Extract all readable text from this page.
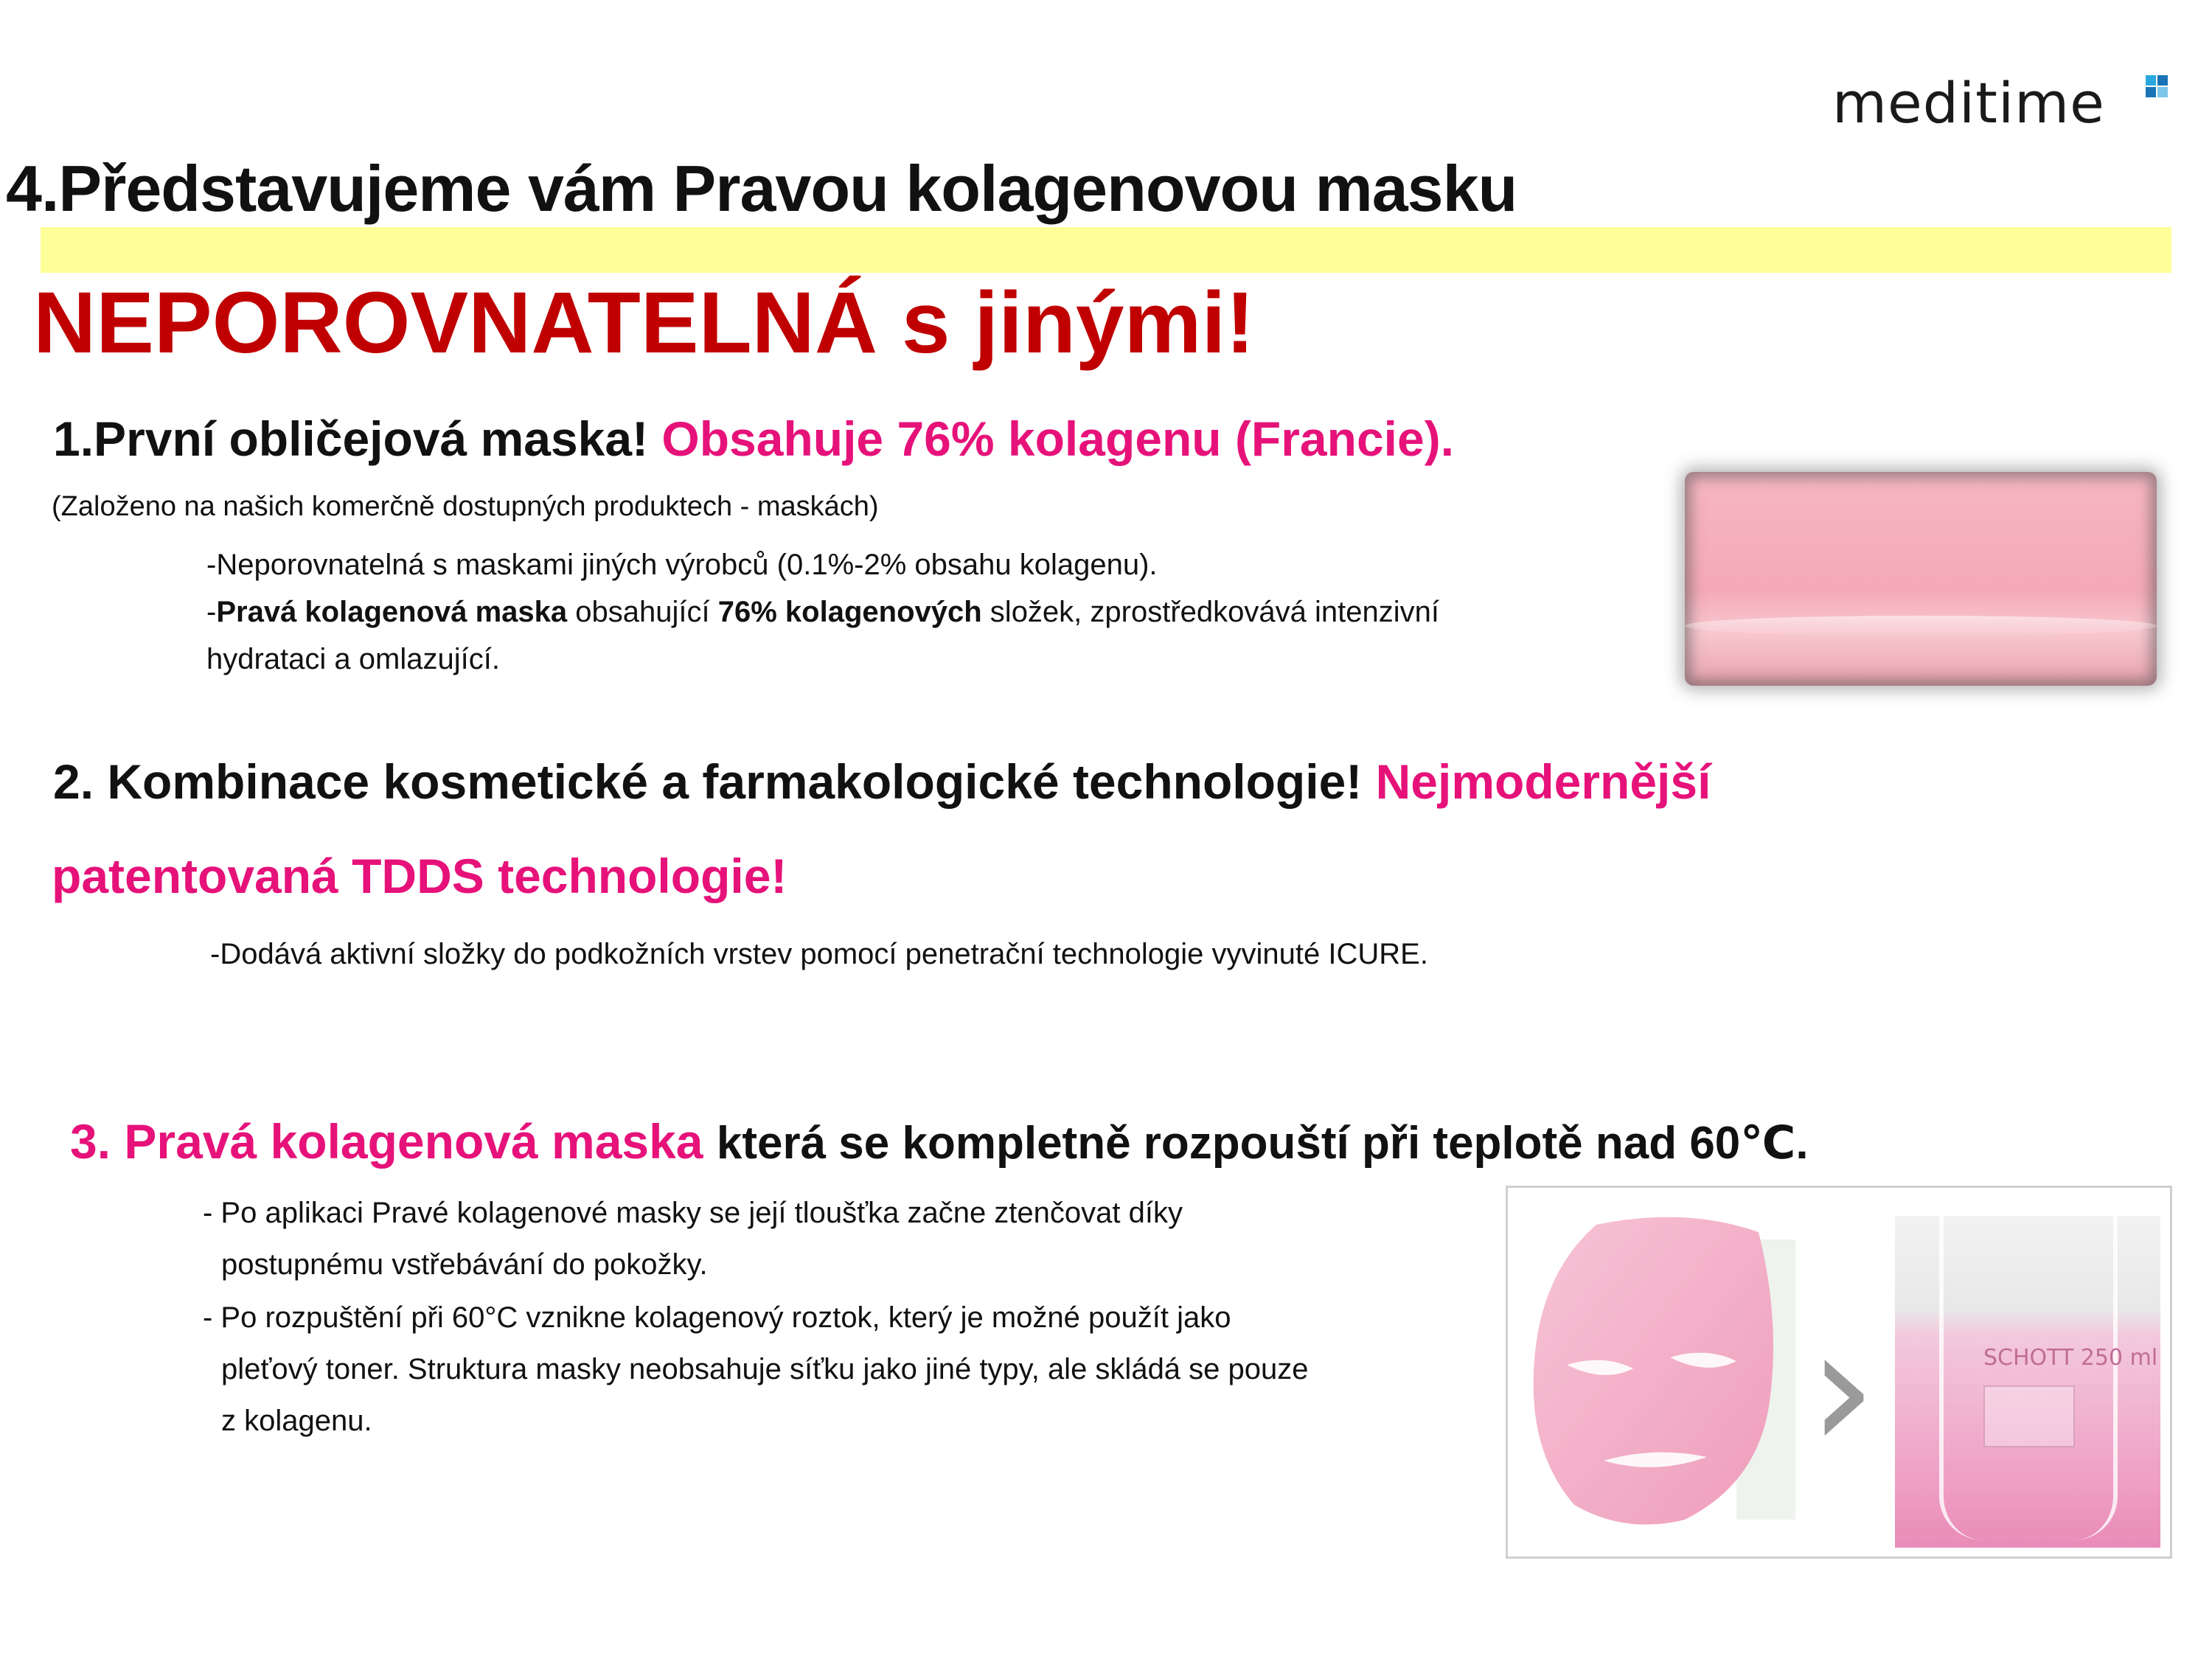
meditime
4.Představujeme vám Pravou kolagenovou masku
NEPOROVNATELNÁ s jinými!
1.První obličejová maska! Obsahuje 76% kolagenu (Francie).
(Založeno na našich komerčně dostupných produktech - maskách)
-Neporovnatelná s maskami jiných výrobců (0.1%-2% obsahu kolagenu).
-Pravá kolagenová maska obsahující 76% kolagenových složek, zprostředkovává intenzivní
hydrataci a omlazující.
2. Kombinace kosmetické a farmakologické technologie! Nejmodernější
patentovaná TDDS technologie!
-Dodává aktivní složky do podkožních vrstev pomocí penetrační technologie vyvinuté ICURE.
3. Pravá kolagenová maska která se kompletně rozpouští při teplotě nad 60℃.
- Po aplikaci Pravé kolagenové masky se její tloušťka začne ztenčovat díky
postupnému vstřebávání do pokožky.
- Po rozpuštění při 60°C vznikne kolagenový roztok, který je možné použít jako
pleťový toner. Struktura masky neobsahuje síťku jako jiné typy, ale skládá se pouze
z kolagenu.	›	SCHOTT 250 ml
